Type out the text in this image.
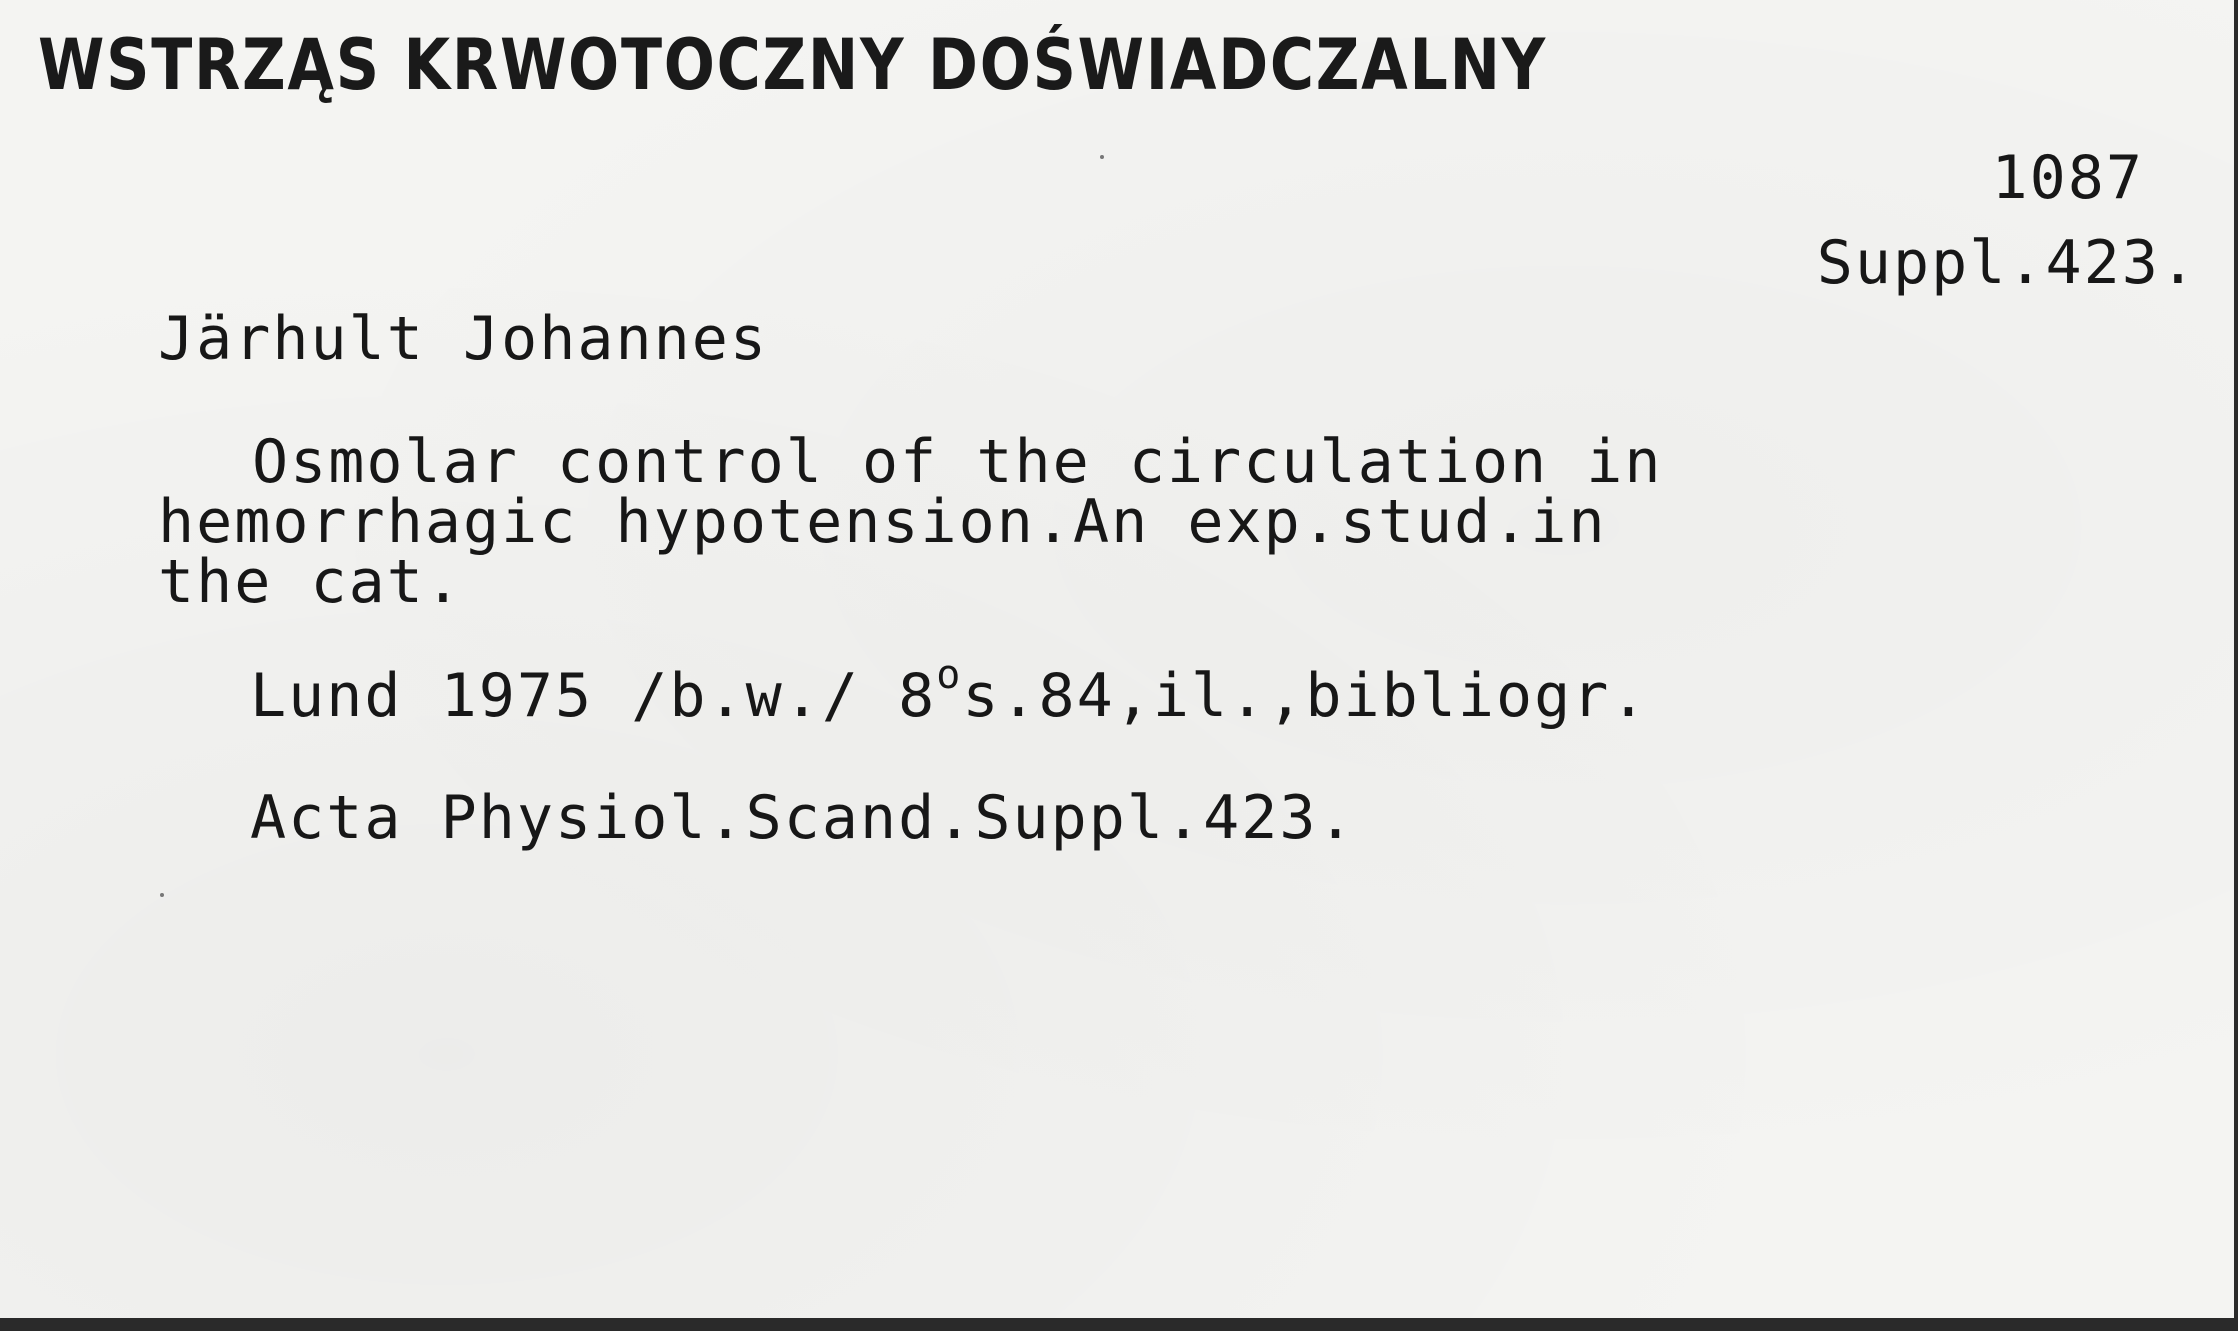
WSTRZĄS KRWOTOCZNY DOŚWIADCZALNY
1087
Suppl.423.
Järhult Johannes
Osmolar control of the circulation in
hemorrhagic hypotension.An exp.stud.in
the cat.
Lund 1975 /b.w./ 8$^o$s.84,il.,bibliogr.
Acta Physiol.Scand.Suppl.423.
